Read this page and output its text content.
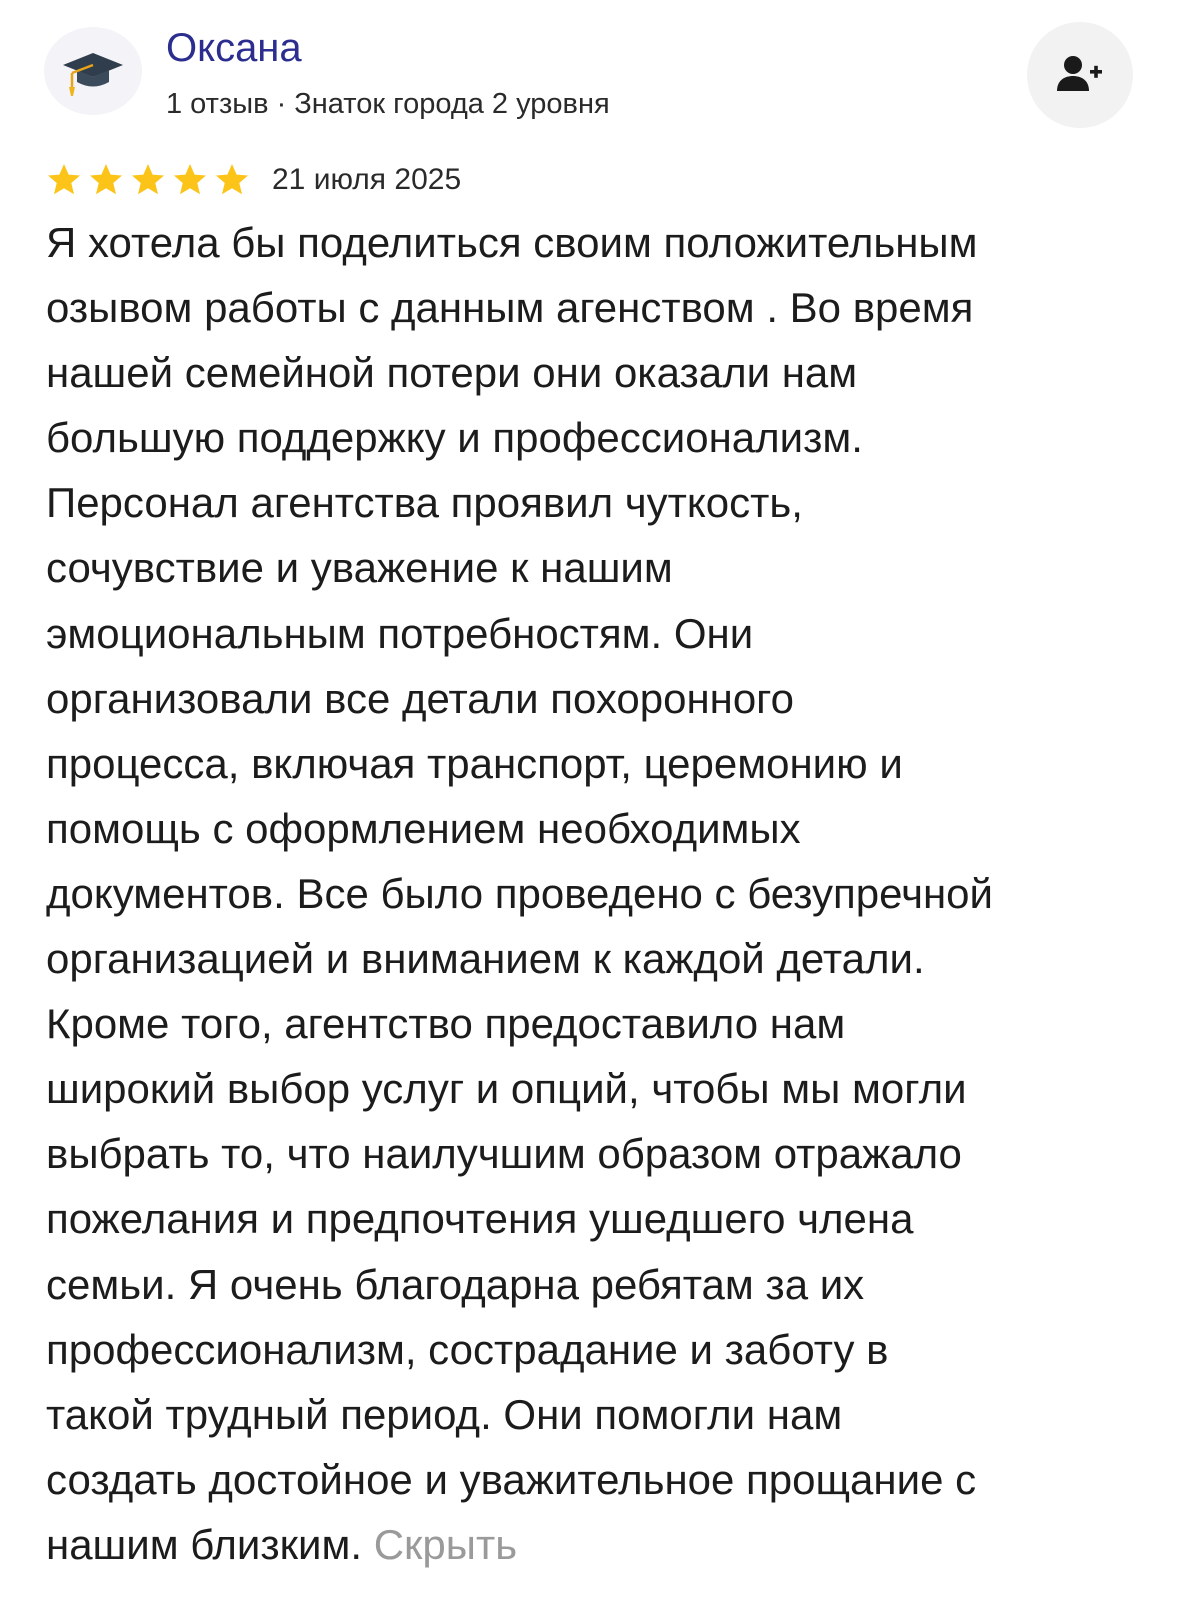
Оксана
1 отзыв · Знаток города 2 уровня
21 июля 2025

Я хотела бы поделиться своим положительным
озывом работы с данным агенством . Во время
нашей семейной потери они оказали нам
большую поддержку и профессионализм.
Персонал агентства проявил чуткость,
сочувствие и уважение к нашим
эмоциональным потребностям. Они
организовали все детали похоронного
процесса, включая транспорт, церемонию и
помощь с оформлением необходимых
документов. Все было проведено с безупречной
организацией и вниманием к каждой детали.
Кроме того, агентство предоставило нам
широкий выбор услуг и опций, чтобы мы могли
выбрать то, что наилучшим образом отражало
пожелания и предпочтения ушедшего члена
семьи. Я очень благодарна ребятам за их
профессионализм, сострадание и заботу в
такой трудный период. Они помогли нам
создать достойное и уважительное прощание с
нашим близким. Скрыть
